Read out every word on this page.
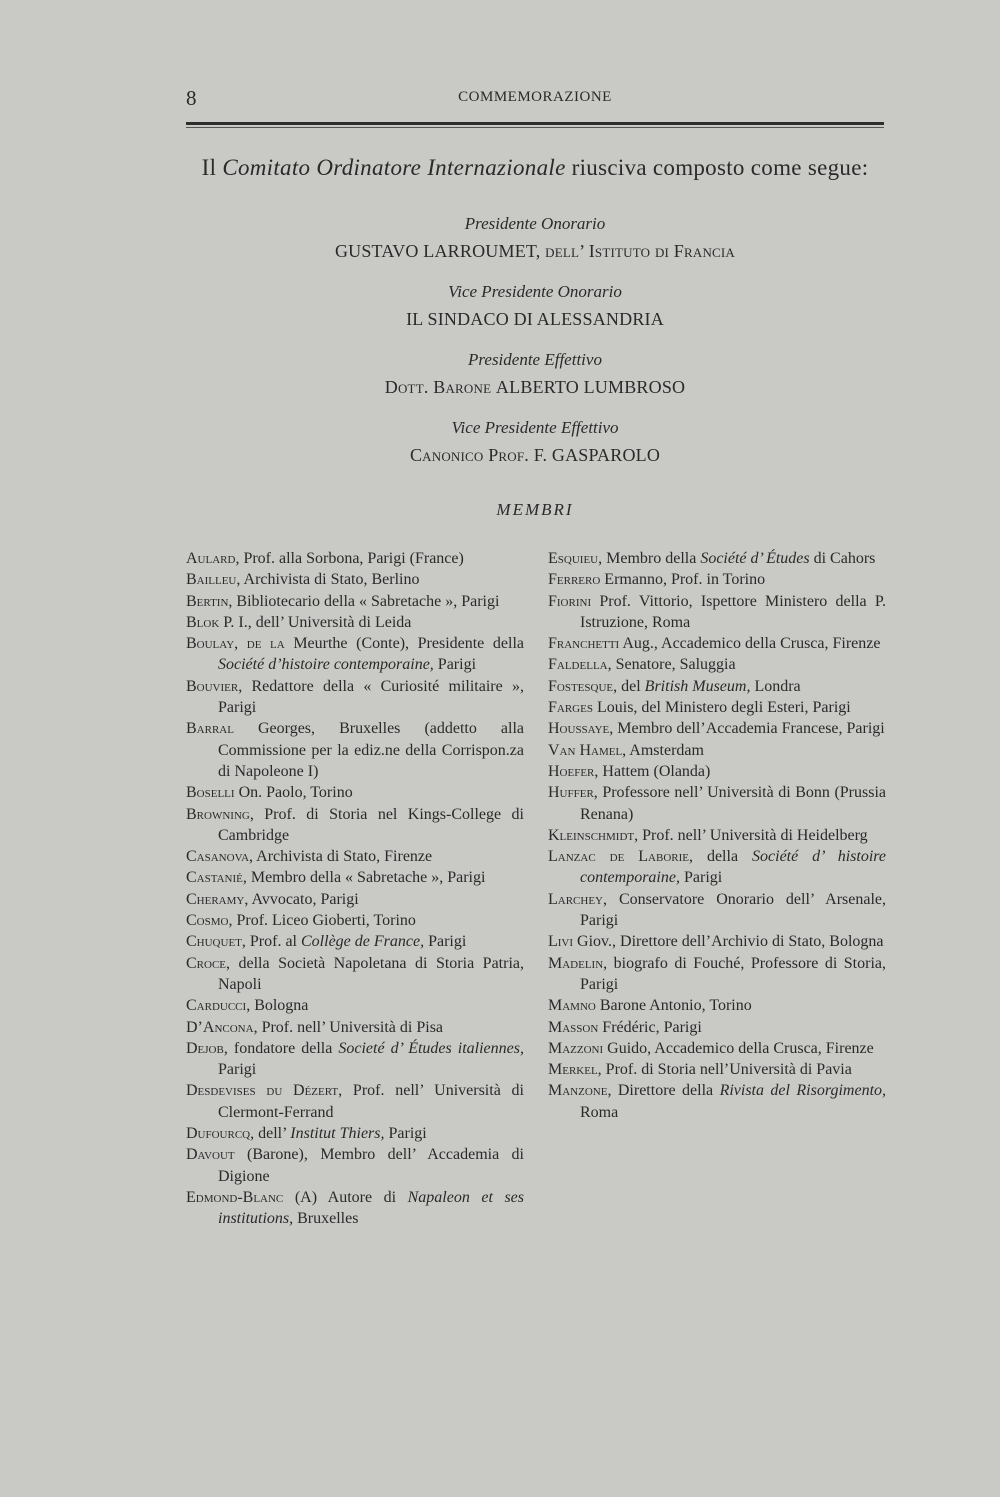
8	COMMEMORAZIONE
Il Comitato Ordinatore Internazionale riusciva composto come segue:
Presidente Onorario
GUSTAVO LARROUMET, dell’ Istituto di Francia
Vice Presidente Onorario
IL SINDACO DI ALESSANDRIA
Presidente Effettivo
Dott. Barone ALBERTO LUMBROSO
Vice Presidente Effettivo
Canonico Prof. F. GASPAROLO
MEMBRI

Aulard, Prof. alla Sorbona, Parigi (France)

Bailleu, Archivista di Stato, Berlino

Bertin, Bibliotecario della « Sabretache », Parigi

Blok P. I., dell’ Università di Leida

Boulay, de la Meurthe (Conte), Presidente della Société d’histoire contemporaine, Parigi

Bouvier, Redattore della « Curiosité militaire », Parigi

Barral Georges, Bruxelles (addetto alla Commissione per la ediz.ne della Corrispon.za di Napoleone I)

Boselli On. Paolo, Torino

Browning, Prof. di Storia nel Kings-College di Cambridge

Casanova, Archivista di Stato, Firenze

Castanié, Membro della « Sabretache », Parigi

Cheramy, Avvocato, Parigi

Cosmo, Prof. Liceo Gioberti, Torino

Chuquet, Prof. al Collège de France, Parigi

Croce, della Società Napoletana di Storia Patria, Napoli

Carducci, Bologna

D’Ancona, Prof. nell’ Università di Pisa

Dejob, fondatore della Societé d’ Études italiennes, Parigi

Desdevises du Dézert, Prof. nell’ Università di Clermont-Ferrand

Dufourcq, dell’ Institut Thiers, Parigi

Davout (Barone), Membro dell’ Accademia di Digione

Edmond-Blanc (A) Autore di Napaleon et ses institutions, Bruxelles

Esquieu, Membro della Société d’ Études di Cahors

Ferrero Ermanno, Prof. in Torino

Fiorini Prof. Vittorio, Ispettore Ministero della P. Istruzione, Roma

Franchetti Aug., Accademico della Crusca, Firenze

Faldella, Senatore, Saluggia

Fostesque, del British Museum, Londra

Farges Louis, del Ministero degli Esteri, Parigi

Houssaye, Membro dell’Accademia Francese, Parigi

Van Hamel, Amsterdam

Hoefer, Hattem (Olanda)

Huffer, Professore nell’ Università di Bonn (Prussia Renana)

Kleinschmidt, Prof. nell’ Università di Heidelberg

Lanzac de Laborie, della Société d’ histoire contemporaine, Parigi

Larchey, Conservatore Onorario dell’ Arsenale, Parigi

Livi Giov., Direttore dell’Archivio di Stato, Bologna

Madelin, biografo di Fouché, Professore di Storia, Parigi

Mamno Barone Antonio, Torino

Masson Frédéric, Parigi

Mazzoni Guido, Accademico della Crusca, Firenze

Merkel, Prof. di Storia nell’Università di Pavia

Manzone, Direttore della Rivista del Risorgimento, Roma
